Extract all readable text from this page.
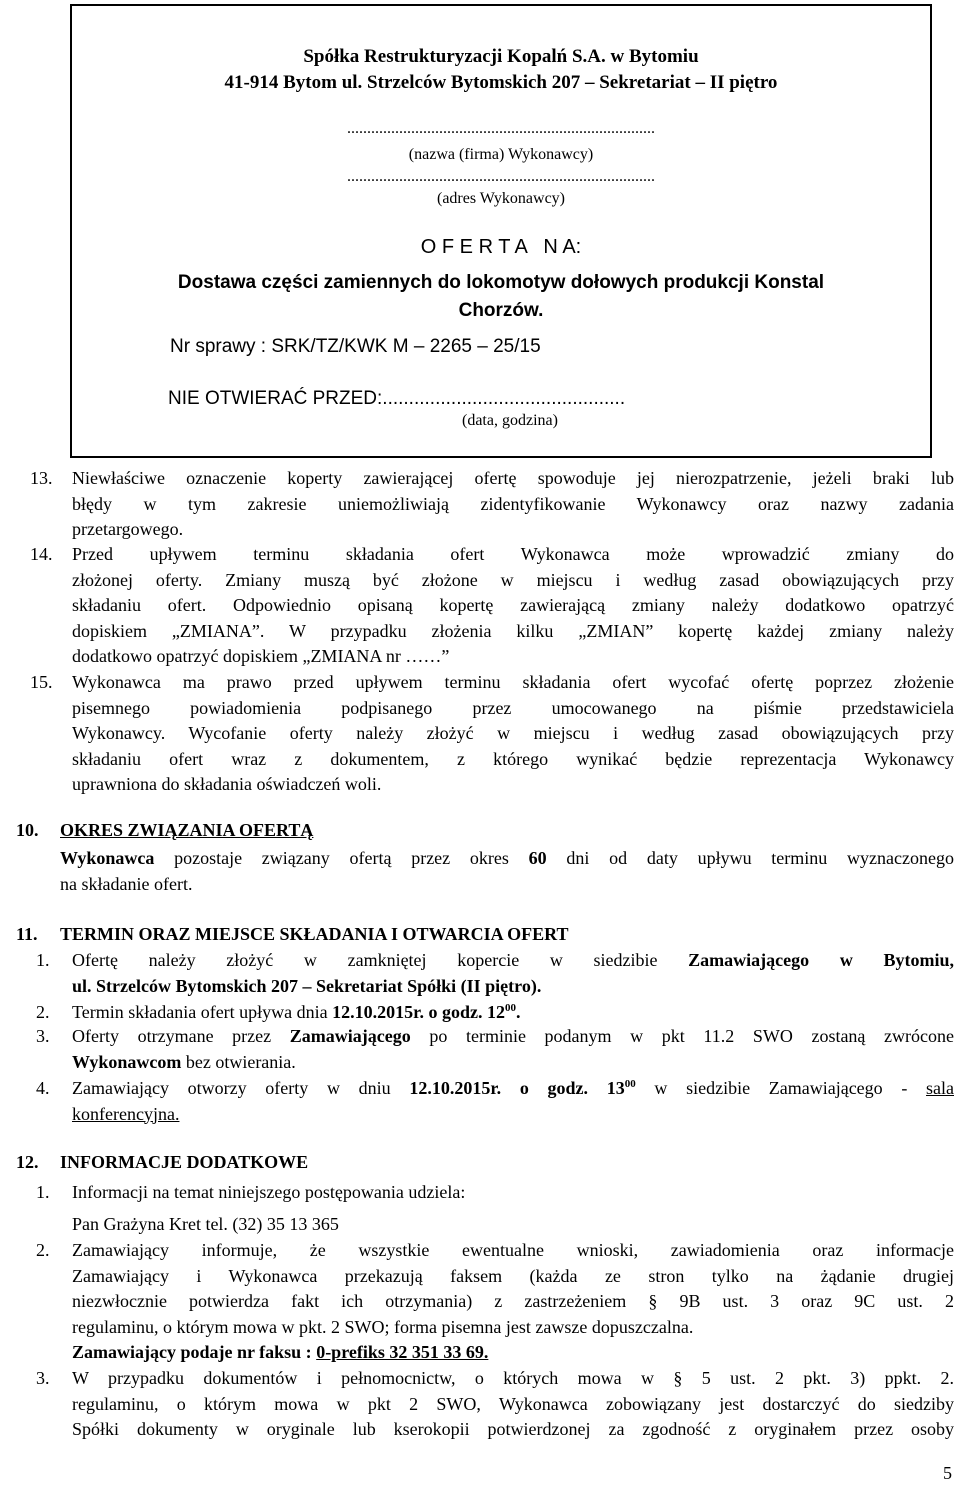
Spółka Restrukturyzacji Kopalń S.A. w Bytomiu
41-914 Bytom ul. Strzelców Bytomskich 207 – Sekretariat – II piętro
.............................................................................
(nazwa (firma) Wykonawcy)
.............................................................................
(adres Wykonawcy)
O F E R T A   N A:
Dostawa części zamiennych do lokomotyw dołowych produkcji Konstal
Chorzów.
Nr sprawy : SRK/TZ/KWK M – 2265 – 25/15
NIE OTWIERAĆ PRZED:..............................................
(data, godzina)
13. Niewłaściwe oznaczenie koperty zawierającej ofertę spowoduje jej nierozpatrzenie, jeżeli braki lub
błędy w tym zakresie uniemożliwiają zidentyfikowanie Wykonawcy oraz nazwy zadania
przetargowego.
14. Przed upływem terminu składania ofert Wykonawca może wprowadzić zmiany do
złożonej oferty. Zmiany muszą być złożone w miejscu i według zasad obowiązujących przy
składaniu ofert. Odpowiednio opisaną kopertę zawierającą zmiany należy dodatkowo opatrzyć
dopiskiem „ZMIANA”. W przypadku złożenia kilku „ZMIAN” kopertę każdej zmiany należy
dodatkowo opatrzyć dopiskiem „ZMIANA nr ……”
15. Wykonawca ma prawo przed upływem terminu składania ofert wycofać ofertę poprzez złożenie
pisemnego powiadomienia podpisanego przez umocowanego na piśmie przedstawiciela
Wykonawcy. Wycofanie oferty należy złożyć w miejscu i według zasad obowiązujących przy
składaniu ofert wraz z dokumentem, z którego wynikać będzie reprezentacja Wykonawcy
uprawniona do składania oświadczeń woli.
10. OKRES ZWIĄZANIA OFERTĄ
Wykonawca pozostaje związany ofertą przez okres 60 dni od daty upływu terminu wyznaczonego
na składanie ofert.
11. TERMIN ORAZ MIEJSCE SKŁADANIA I OTWARCIA OFERT
1. Ofertę należy złożyć w zamkniętej kopercie w siedzibie Zamawiającego w Bytomiu,
ul. Strzelców Bytomskich 207 – Sekretariat Spółki (II piętro).
2. Termin składania ofert upływa dnia 12.10.2015r. o godz. $12^{00}$.
3. Oferty otrzymane przez Zamawiającego po terminie podanym w pkt 11.2 SWO zostaną zwrócone
Wykonawcom bez otwierania.
4. Zamawiający otworzy oferty w dniu 12.10.2015r. o godz. $13^{00}$ w siedzibie Zamawiającego - sala
konferencyjna.
12. INFORMACJE DODATKOWE
1. Informacji na temat niniejszego postępowania udziela:
Pan Grażyna Kret tel. (32) 35 13 365
2. Zamawiający informuje, że wszystkie ewentualne wnioski, zawiadomienia oraz informacje
Zamawiający i Wykonawca przekazują faksem (każda ze stron tylko na żądanie drugiej
niezwłocznie potwierdza fakt ich otrzymania) z zastrzeżeniem § 9B ust. 3 oraz 9C ust. 2
regulaminu, o którym mowa w pkt. 2 SWO; forma pisemna jest zawsze dopuszczalna.
Zamawiający podaje nr faksu : 0-prefiks 32 351 33 69.
3. W przypadku dokumentów i pełnomocnictw, o których mowa w § 5 ust. 2 pkt. 3) ppkt. 2.
regulaminu, o którym mowa w pkt 2 SWO, Wykonawca zobowiązany jest dostarczyć do siedziby
Spółki dokumenty w oryginale lub kserokopii potwierdzonej za zgodność z oryginałem przez osoby
5
